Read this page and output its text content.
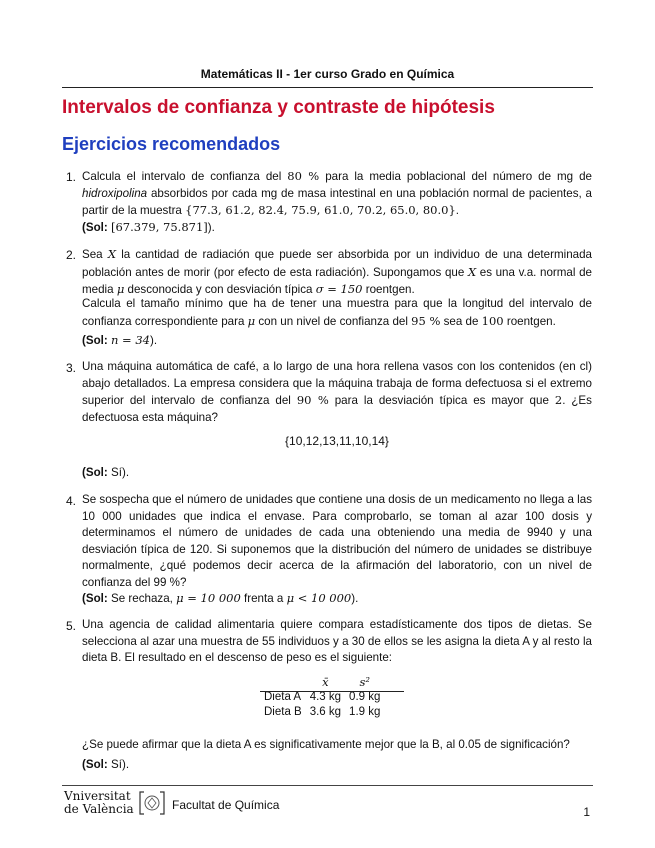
Matemáticas II - 1er curso Grado en Química
Intervalos de confianza y contraste de hipótesis
Ejercicios recomendados
1. Calcula el intervalo de confianza del 80 % para la media poblacional del número de mg de hidroxipolina absorbidos por cada mg de masa intestinal en una población normal de pacientes, a partir de la muestra {77.3, 61.2, 82.4, 75.9, 61.0, 70.2, 65.0, 80.0}.
(Sol: [67.379, 75.871]).
2. Sea X la cantidad de radiación que puede ser absorbida por un individuo de una determinada población antes de morir (por efecto de esta radiación). Supongamos que X es una v.a. normal de media μ desconocida y con desviación típica σ = 150 roentgen.
Calcula el tamaño mínimo que ha de tener una muestra para que la longitud del intervalo de confianza correspondiente para μ con un nivel de confianza del 95 % sea de 100 roentgen.
(Sol: n = 34).
3. Una máquina automática de café, a lo largo de una hora rellena vasos con los contenidos (en cl) abajo detallados. La empresa considera que la máquina trabaja de forma defectuosa si el extremo superior del intervalo de confianza del 90 % para la desviación típica es mayor que 2. ¿Es defectuosa esta máquina?
{10,12,13,11,10,14}
(Sol: Sí).
4. Se sospecha que el número de unidades que contiene una dosis de un medicamento no llega a las 10 000 unidades que indica el envase. Para comprobarlo, se toman al azar 100 dosis y determinamos el número de unidades de cada una obteniendo una media de 9940 y una desviación típica de 120. Si suponemos que la distribución del número de unidades se distribuye normalmente, ¿qué podemos decir acerca de la afirmación del laboratorio, con un nivel de confianza del 99 %?
(Sol: Se rechaza, μ = 10 000 frenta a μ < 10 000).
5. Una agencia de calidad alimentaria quiere compara estadísticamente dos tipos de dietas. Se selecciona al azar una muestra de 55 individuos y a 30 de ellos se les asigna la dieta A y al resto la dieta B. El resultado en el descenso de peso es el siguiente:
	x̄	s²
Dieta A	4.3 kg	0.9 kg
Dieta B	3.6 kg	1.9 kg
¿Se puede afirmar que la dieta A es significativamente mejor que la B, al 0.05 de significación?
(Sol: Sí).
Vniversitat
de València	Facultat de Química	1
